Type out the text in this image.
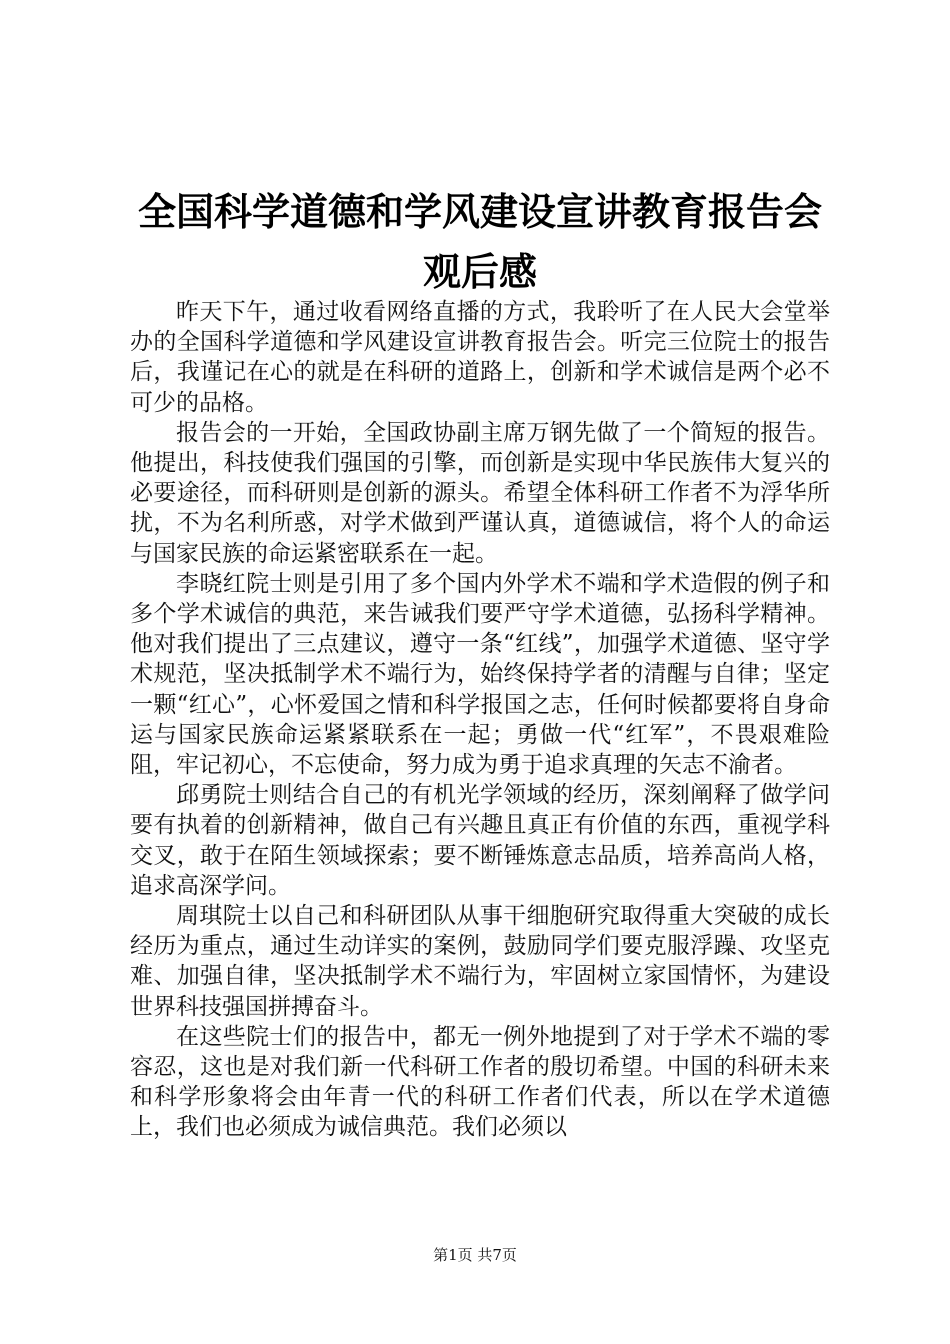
全国科学道德和学风建设宣讲教育报告会观后感

昨天下午，通过收看网络直播的方式，我聆听了在人民大会堂举办的全国科学道德和学风建设宣讲教育报告会。听完三位院士的报告后，我谨记在心的就是在科研的道路上，创新和学术诚信是两个必不可少的品格。

报告会的一开始，全国政协副主席万钢先做了一个简短的报告。他提出，科技使我们强国的引擎，而创新是实现中华民族伟大复兴的必要途径，而科研则是创新的源头。希望全体科研工作者不为浮华所扰，不为名利所惑，对学术做到严谨认真，道德诚信，将个人的命运与国家民族的命运紧密联系在一起。

李晓红院士则是引用了多个国内外学术不端和学术造假的例子和多个学术诚信的典范，来告诫我们要严守学术道德，弘扬科学精神。他对我们提出了三点建议，遵守一条“红线”，加强学术道德、坚守学术规范，坚决抵制学术不端行为，始终保持学者的清醒与自律；坚定一颗“红心”，心怀爱国之情和科学报国之志，任何时候都要将自身命运与国家民族命运紧紧联系在一起；勇做一代“红军”，不畏艰难险阻，牢记初心，不忘使命，努力成为勇于追求真理的矢志不渝者。

邱勇院士则结合自己的有机光学领域的经历，深刻阐释了做学问要有执着的创新精神，做自己有兴趣且真正有价值的东西，重视学科交叉，敢于在陌生领域探索；要不断锤炼意志品质，培养高尚人格，追求高深学问。

周琪院士以自己和科研团队从事干细胞研究取得重大突破的成长经历为重点，通过生动详实的案例，鼓励同学们要克服浮躁、攻坚克难、加强自律，坚决抵制学术不端行为，牢固树立家国情怀，为建设世界科技强国拼搏奋斗。

在这些院士们的报告中，都无一例外地提到了对于学术不端的零容忍，这也是对我们新一代科研工作者的殷切希望。中国的科研未来和科学形象将会由年青一代的科研工作者们代表，所以在学术道德上，我们也必须成为诚信典范。我们必须以

第1页 共7页
